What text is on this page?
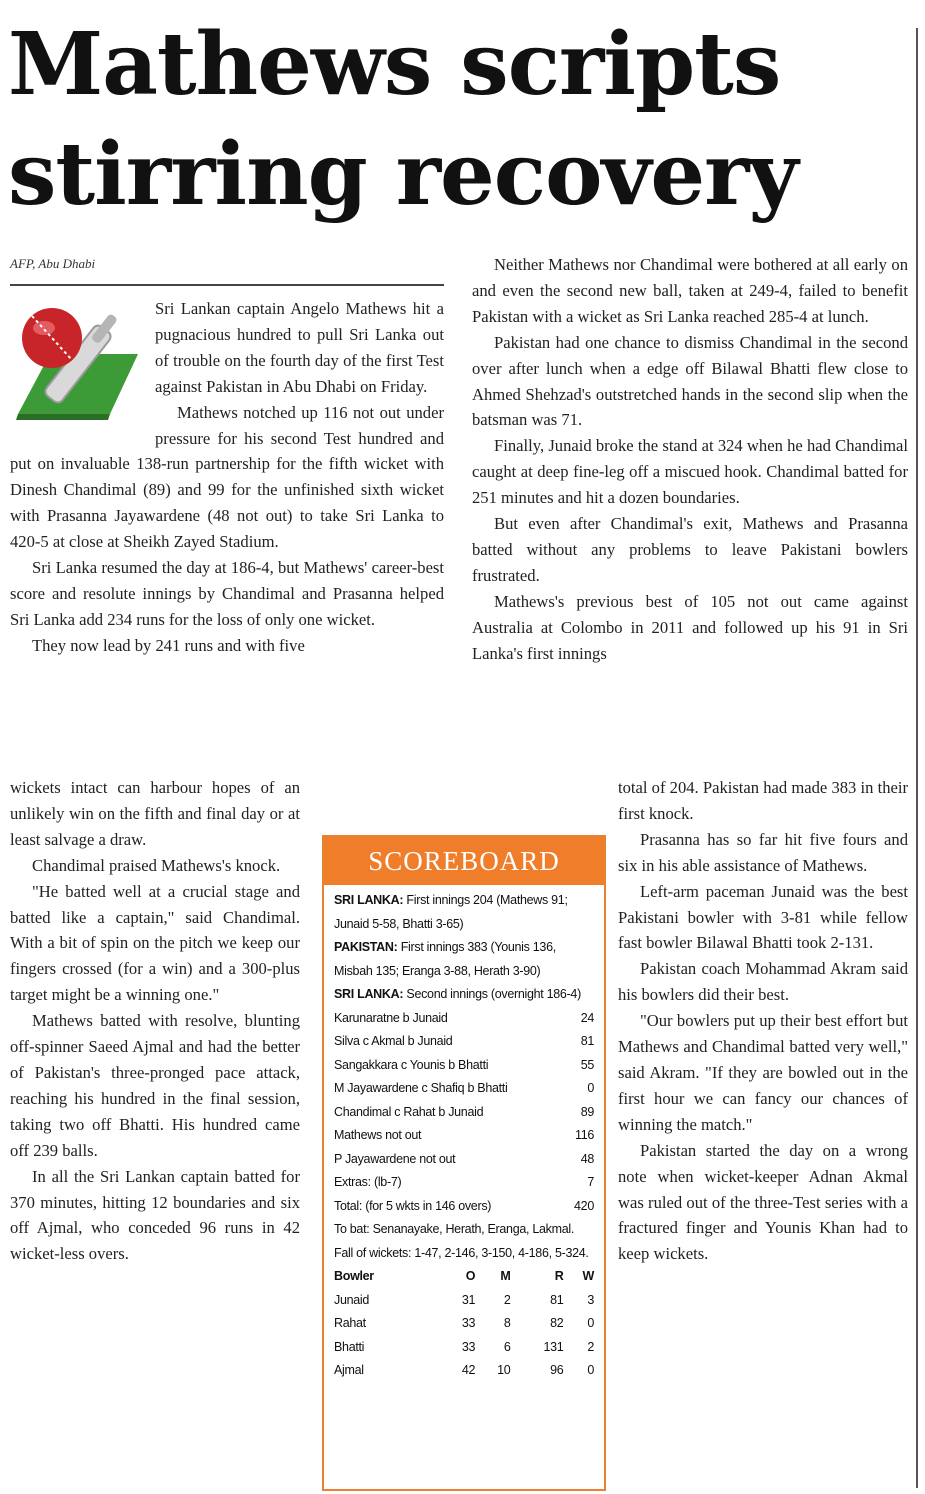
Mathews scripts stirring recovery
AFP, Abu Dhabi

Sri Lankan captain Angelo Mathews hit a pugnacious hundred to pull Sri Lanka out of trouble on the fourth day of the first Test against Pakistan in Abu Dhabi on Friday.

Mathews notched up 116 not out under pressure for his second Test hundred and put on invaluable 138-run partnership for the fifth wicket with Dinesh Chandimal (89) and 99 for the unfinished sixth wicket with Prasanna Jayawardene (48 not out) to take Sri Lanka to 420-5 at close at Sheikh Zayed Stadium.

Sri Lanka resumed the day at 186-4, but Mathews' career-best score and resolute innings by Chandimal and Prasanna helped Sri Lanka add 234 runs for the loss of only one wicket.

They now lead by 241 runs and with five

Neither Mathews nor Chandimal were bothered at all early on and even the second new ball, taken at 249-4, failed to benefit Pakistan with a wicket as Sri Lanka reached 285-4 at lunch.

Pakistan had one chance to dismiss Chandimal in the second over after lunch when a edge off Bilawal Bhatti flew close to Ahmed Shehzad's outstretched hands in the second slip when the batsman was 71.

Finally, Junaid broke the stand at 324 when he had Chandimal caught at deep fine-leg off a miscued hook. Chandimal batted for 251 minutes and hit a dozen boundaries.

But even after Chandimal's exit, Mathews and Prasanna batted without any problems to leave Pakistani bowlers frustrated.

Mathews's previous best of 105 not out came against Australia at Colombo in 2011 and followed up his 91 in Sri Lanka's first innings

wickets intact can harbour hopes of an unlikely win on the fifth and final day or at least salvage a draw.

Chandimal praised Mathews's knock.

"He batted well at a crucial stage and batted like a captain," said Chandimal. With a bit of spin on the pitch we keep our fingers crossed (for a win) and a 300-plus target might be a winning one."

Mathews batted with resolve, blunting off-spinner Saeed Ajmal and had the better of Pakistan's three-pronged pace attack, reaching his hundred in the final session, taking two off Bhatti. His hundred came off 239 balls.

In all the Sri Lankan captain batted for 370 minutes, hitting 12 boundaries and six off Ajmal, who conceded 96 runs in 42 wicket-less overs.

total of 204. Pakistan had made 383 in their first knock.

Prasanna has so far hit five fours and six in his able assistance of Mathews.

Left-arm paceman Junaid was the best Pakistani bowler with 3-81 while fellow fast bowler Bilawal Bhatti took 2-131.

Pakistan coach Mohammad Akram said his bowlers did their best.

"Our bowlers put up their best effort but Mathews and Chandimal batted very well," said Akram. "If they are bowled out in the first hour we can fancy our chances of winning the match."

Pakistan started the day on a wrong note when wicket-keeper Adnan Akmal was ruled out of the three-Test series with a fractured finger and Younis Khan had to keep wickets.

SCOREBOARD

SRI LANKA: First innings 204 (Mathews 91; Junaid 5-58, Bhatti 3-65)

PAKISTAN: First innings 383 (Younis 136, Misbah 135; Eranga 3-88, Herath 3-90)

SRI LANKA: Second innings (overnight 186-4)

Karunaratne b Junaid	24
Silva c Akmal b Junaid	81
Sangakkara c Younis b Bhatti	55
M Jayawardene c Shafiq b Bhatti	0
Chandimal c Rahat b Junaid	89
Mathews not out	116
P Jayawardene not out	48
Extras: (lb-7)	7
Total: (for 5 wkts in 146 overs)	420

To bat: Senanayake, Herath, Eranga, Lakmal.

Fall of wickets: 1-47, 2-146, 3-150, 4-186, 5-324.

Bowler	O	M	R	W
Junaid	31	2	81	3
Rahat	33	8	82	0
Bhatti	33	6	131	2
Ajmal	42	10	96	0
